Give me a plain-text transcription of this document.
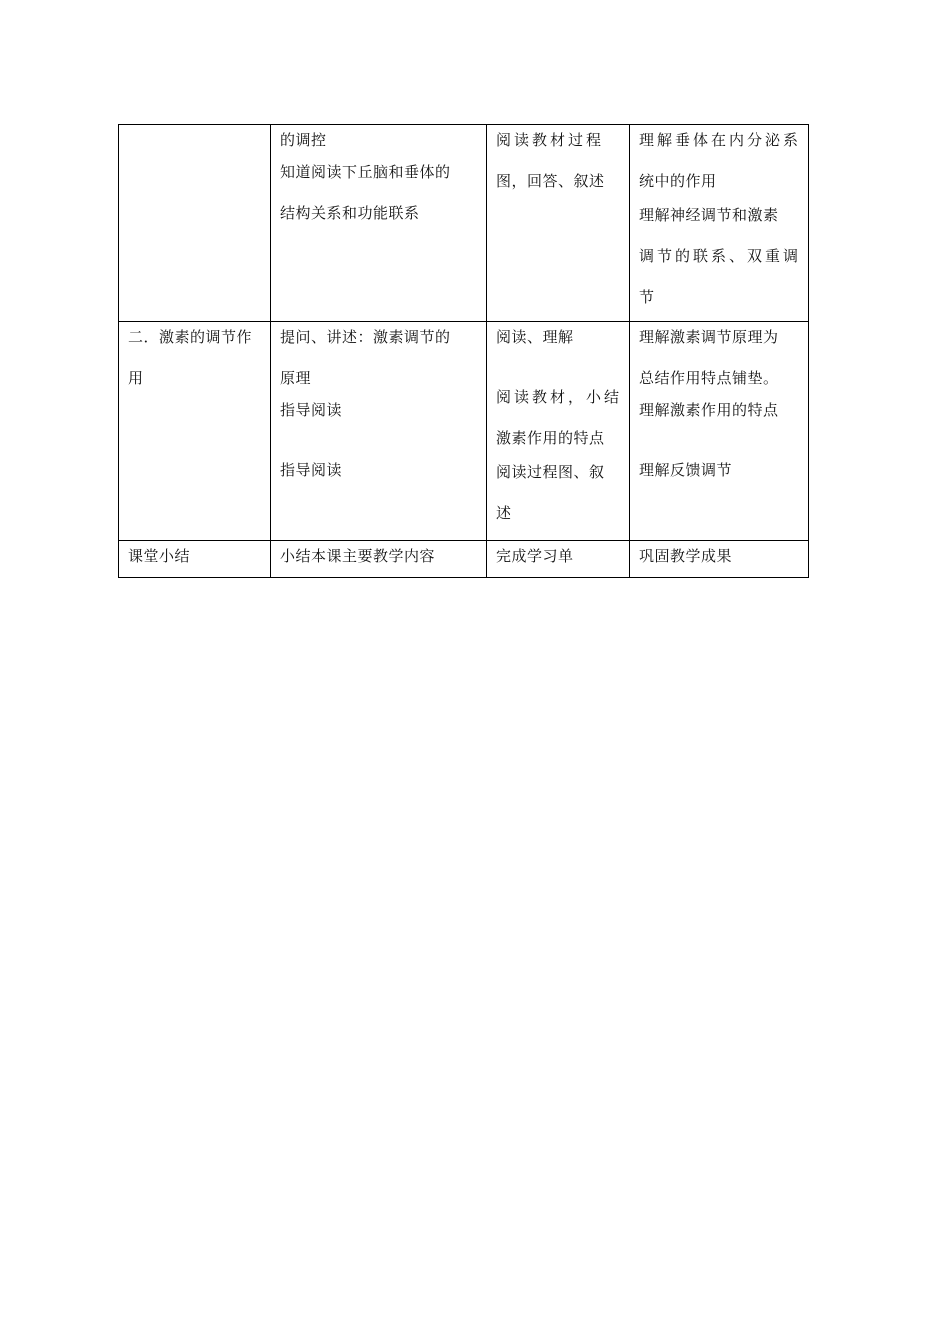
	的调控
知道阅读下丘脑和垂体的
结构关系和功能联系	阅读教材过程
图，回答、叙述	理解垂体在内分泌系
统中的作用
理解神经调节和激素
调节的联系、双重调
节

二．激素的调节作
用	提问、讲述：激素调节的
原理
指导阅读
指导阅读	阅读、理解
阅读教材，小结
激素作用的特点
阅读过程图、叙
述	理解激素调节原理为
总结作用特点铺垫。
理解激素作用的特点
理解反馈调节

课堂小结	小结本课主要教学内容	完成学习单	巩固教学成果
